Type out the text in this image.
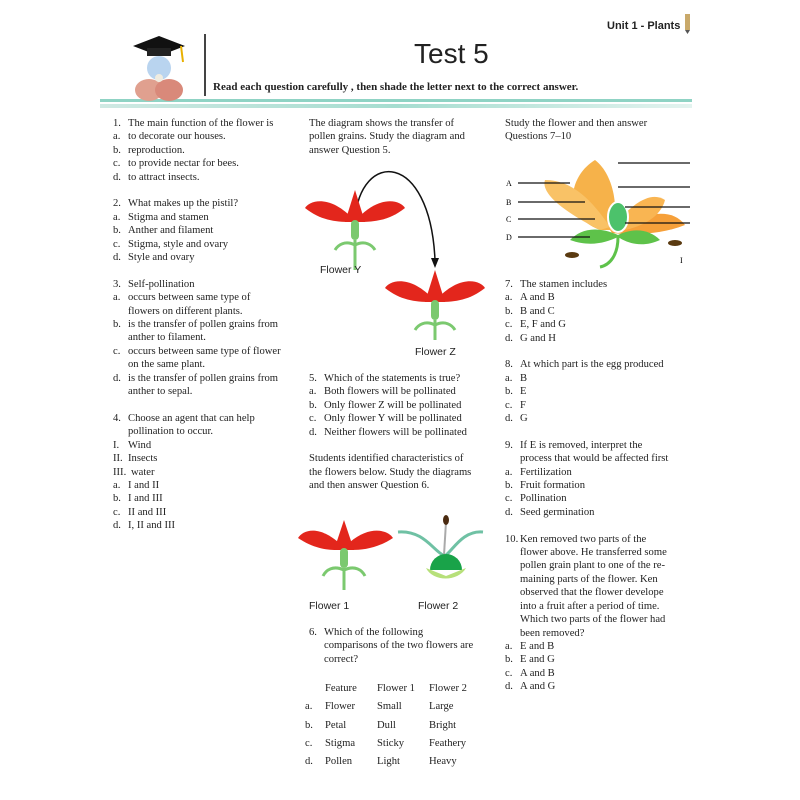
Unit 1 - Plants
Test 5
Read each question carefully , then shade the letter next to the correct answer.
1. The main function of the flower is
a. to decorate our houses.
b. reproduction.
c. to provide nectar for bees.
d. to attract insects.
2. What makes up the pistil?
a. Stigma and stamen
b. Anther and filament
c. Stigma, style and ovary
d. Style and ovary
3. Self-pollination
a. occurs between same type of
flowers on different plants.
b. is the transfer of pollen grains from
anther to filament.
c. occurs between same type of flower
on the same plant.
d. is the transfer of pollen grains from
anther to sepal.
4. Choose an agent that can help
pollination to occur.
I. Wind
II. Insects
III. water
a. I and II
b. I and III
c. II and III
d. I, II and III
The diagram shows the transfer of
pollen grains. Study the diagram and
answer Question 5.
Flower Y
Flower Z
5. Which of the statements is true?
a. Both flowers will be pollinated
b. Only flower Z will be pollinated
c. Only flower Y will be pollinated
d. Neither flowers will be pollinated
Students identified characteristics of
the flowers below. Study the diagrams
and then answer Question 6.
Flower 1	Flower 2
6. Which of the following
comparisons of the two flowers are
correct?
	Feature	Flower 1	Flower 2
a.	Flower	Small	Large
b.	Petal	Dull	Bright
c.	Stigma	Sticky	Feathery
d.	Pollen	Light	Heavy
Study the flower and then answer
Questions 7–10
A
B
C
D
I
7. The stamen includes
a. A and B
b. B and C
c. E, F and G
d. G and H
8. At which part is the egg produced
a. B
b. E
c. F
d. G
9. If E is removed, interpret the
process that would be affected first
a. Fertilization
b. Fruit formation
c. Pollination
d. Seed germination
10. Ken removed two parts of the
flower above. He transferred some
pollen grain plant to one of the re-
maining parts of the flower. Ken
observed that the flower develope
into a fruit after a period of time.
Which two parts of the flower had
been removed?
a. E and B
b. E and G
c. A and B
d. A and G
